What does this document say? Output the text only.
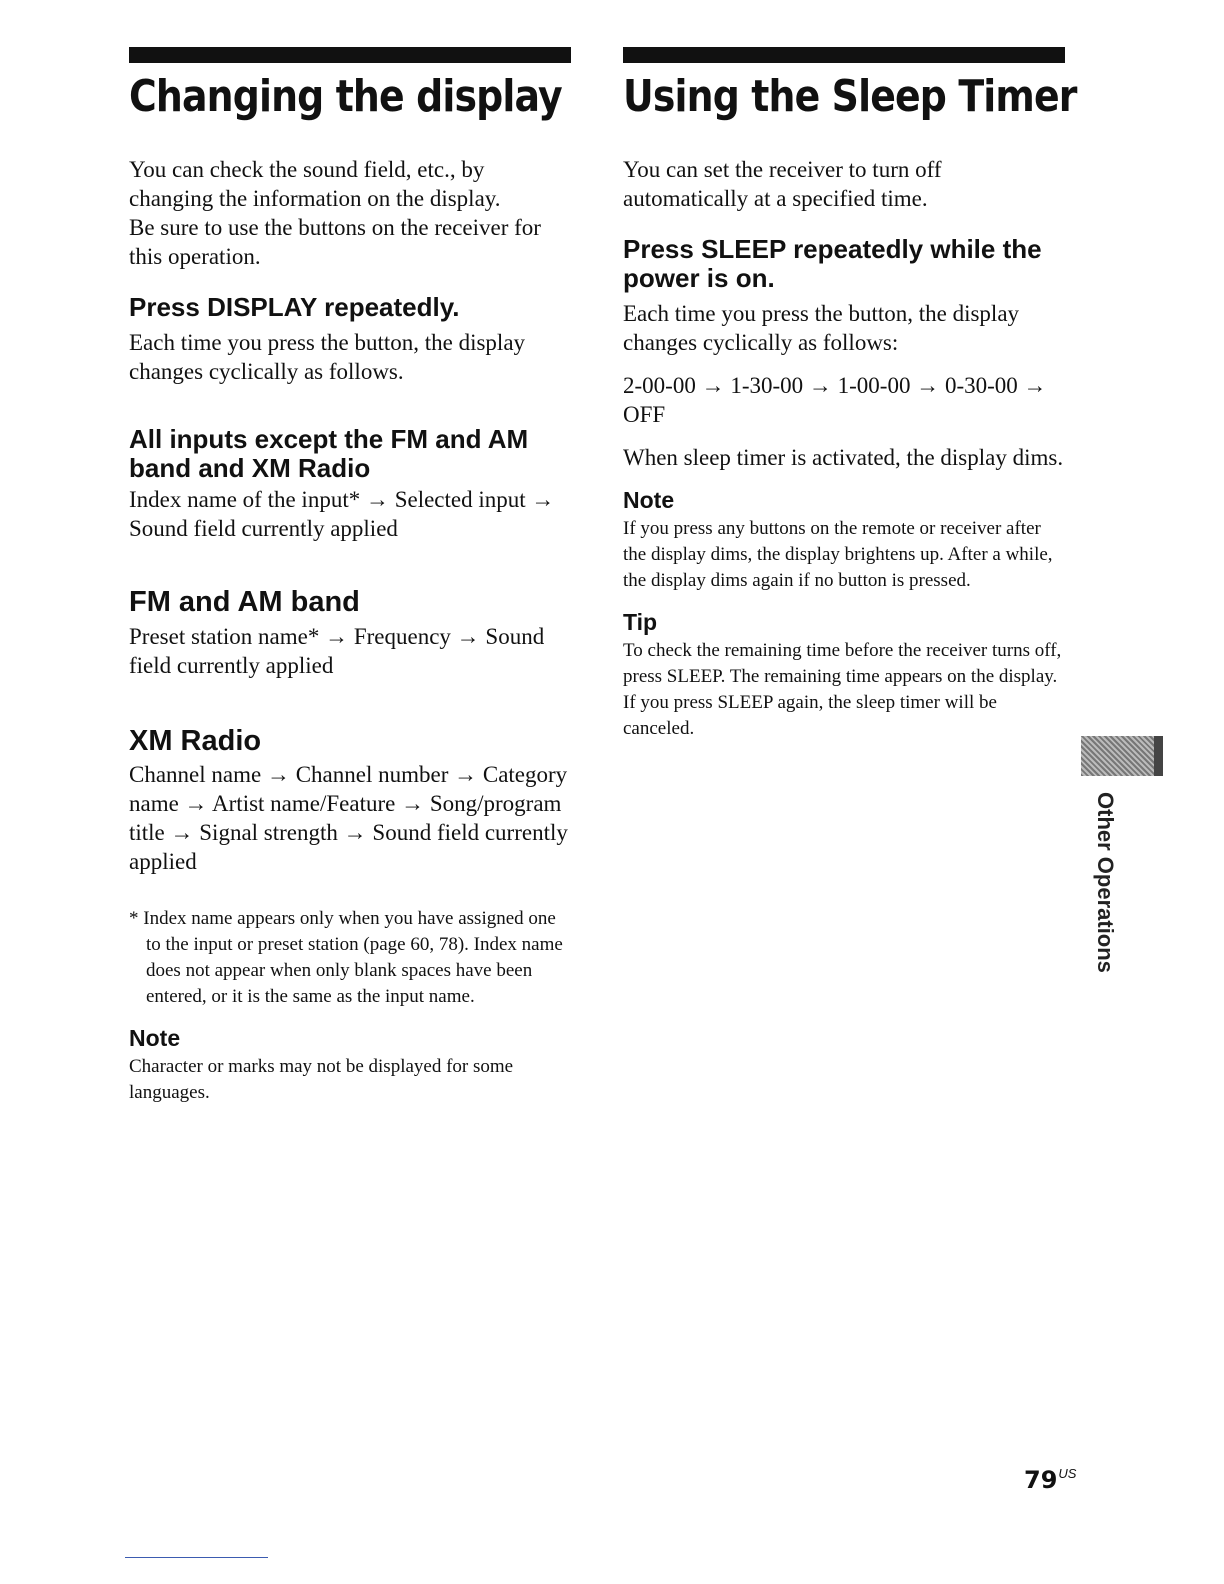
Changing the display

You can check the sound field, etc., by changing the information on the display.

Be sure to use the buttons on the receiver for this operation.

Press DISPLAY repeatedly.

Each time you press the button, the display changes cyclically as follows.

All inputs except the FM and AM band and XM Radio

Index name of the input* → Selected input → Sound field currently applied

FM and AM band

Preset station name* → Frequency → Sound field currently applied

XM Radio

Channel name → Channel number → Category name → Artist name/Feature → Song/program title → Signal strength → Sound field currently applied

* Index name appears only when you have assigned one to the input or preset station (page 60, 78). Index name does not appear when only blank spaces have been entered, or it is the same as the input name.

Note

Character or marks may not be displayed for some languages.

Using the Sleep Timer

You can set the receiver to turn off automatically at a specified time.

Press SLEEP repeatedly while the power is on.

Each time you press the button, the display changes cyclically as follows:

2-00-00 → 1-30-00 → 1-00-00 → 0-30-00 → OFF

When sleep timer is activated, the display dims.

Note

If you press any buttons on the remote or receiver after the display dims, the display brightens up. After a while, the display dims again if no button is pressed.

Tip

To check the remaining time before the receiver turns off, press SLEEP. The remaining time appears on the display. If you press SLEEP again, the sleep timer will be canceled.

Other Operations
$79^{US}$
